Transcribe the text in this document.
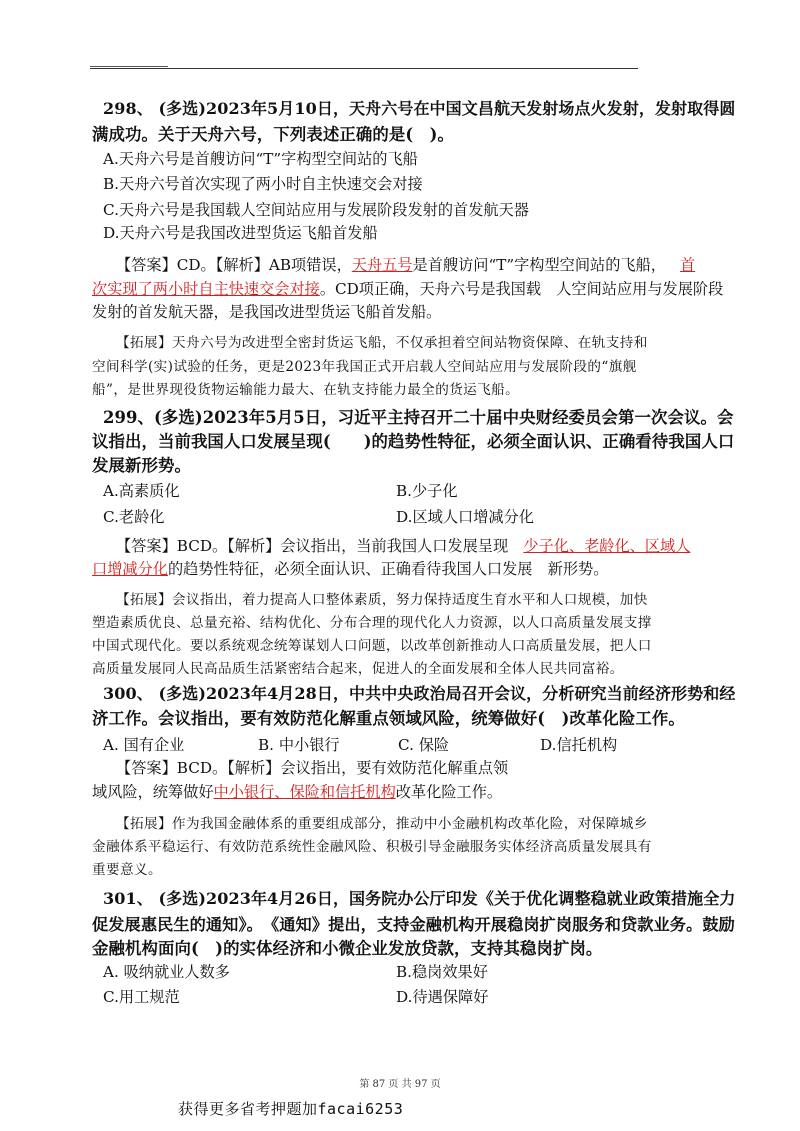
298、 (多选)2023年5月10日，天舟六号在中国文昌航天发射场点火发射，发射取得圆
满成功。关于天舟六号，下列表述正确的是(　)。
A.天舟六号是首艘访问“T”字构型空间站的飞船
B.天舟六号首次实现了两小时自主快速交会对接
C.天舟六号是我国载人空间站应用与发展阶段发射的首发航天器
D.天舟六号是我国改进型货运飞船首发船
【答案】CD。【解析】AB项错误，天舟五号是首艘访问“T”字构型空间站的飞船， 首
次实现了两小时自主快速交会对接。CD项正确，天舟六号是我国载　人空间站应用与发展阶段
发射的首发航天器，是我国改进型货运飞船首发船。
【拓展】天舟六号为改进型全密封货运飞船，不仅承担着空间站物资保障、在轨支持和
空间科学(实)试验的任务，更是2023年我国正式开启载人空间站应用与发展阶段的“旗舰
船”，是世界现役货物运输能力最大、在轨支持能力最全的货运飞船。
299、(多选)2023年5月5日，习近平主持召开二十届中央财经委员会第一次会议。会
议指出，当前我国人口发展呈现(　　)的趋势性特征，必须全面认识、正确看待我国人口
发展新形势。
A.高素质化	B.少子化
C.老龄化	D.区域人口增减分化
【答案】BCD。【解析】会议指出，当前我国人口发展呈现　少子化、老龄化、区域人
口增减分化的趋势性特征，必须全面认识、正确看待我国人口发展　新形势。
【拓展】会议指出，着力提高人口整体素质，努力保持适度生育水平和人口规模，加快
塑造素质优良、总量充裕、结构优化、分布合理的现代化人力资源，以人口高质量发展支撑
中国式现代化。要以系统观念统筹谋划人口问题，以改革创新推动人口高质量发展，把人口
高质量发展同人民高品质生活紧密结合起来，促进人的全面发展和全体人民共同富裕。
300、 (多选)2023年4月28日，中共中央政治局召开会议，分析研究当前经济形势和经
济工作。会议指出，要有效防范化解重点领域风险，统筹做好(　)改革化险工作。
A. 国有企业	B. 中小银行	C. 保险	D.信托机构
【答案】BCD。【解析】会议指出，要有效防范化解重点领
域风险，统筹做好中小银行、保险和信托机构改革化险工作。
【拓展】作为我国金融体系的重要组成部分，推动中小金融机构改革化险，对保障城乡
金融体系平稳运行、有效防范系统性金融风险、积极引导金融服务实体经济高质量发展具有
重要意义。
301、 (多选)2023年4月26日，国务院办公厅印发《关于优化调整稳就业政策措施全力
促发展惠民生的通知》。　《通知》提出，支持金融机构开展稳岗扩岗服务和贷款业务。鼓励
金融机构面向(　)的实体经济和小微企业发放贷款，支持其稳岗扩岗。
A. 吸纳就业人数多	B.稳岗效果好
C.用工规范	D.待遇保障好
第 87 页 共 97 页
获得更多省考押题加facai6253
